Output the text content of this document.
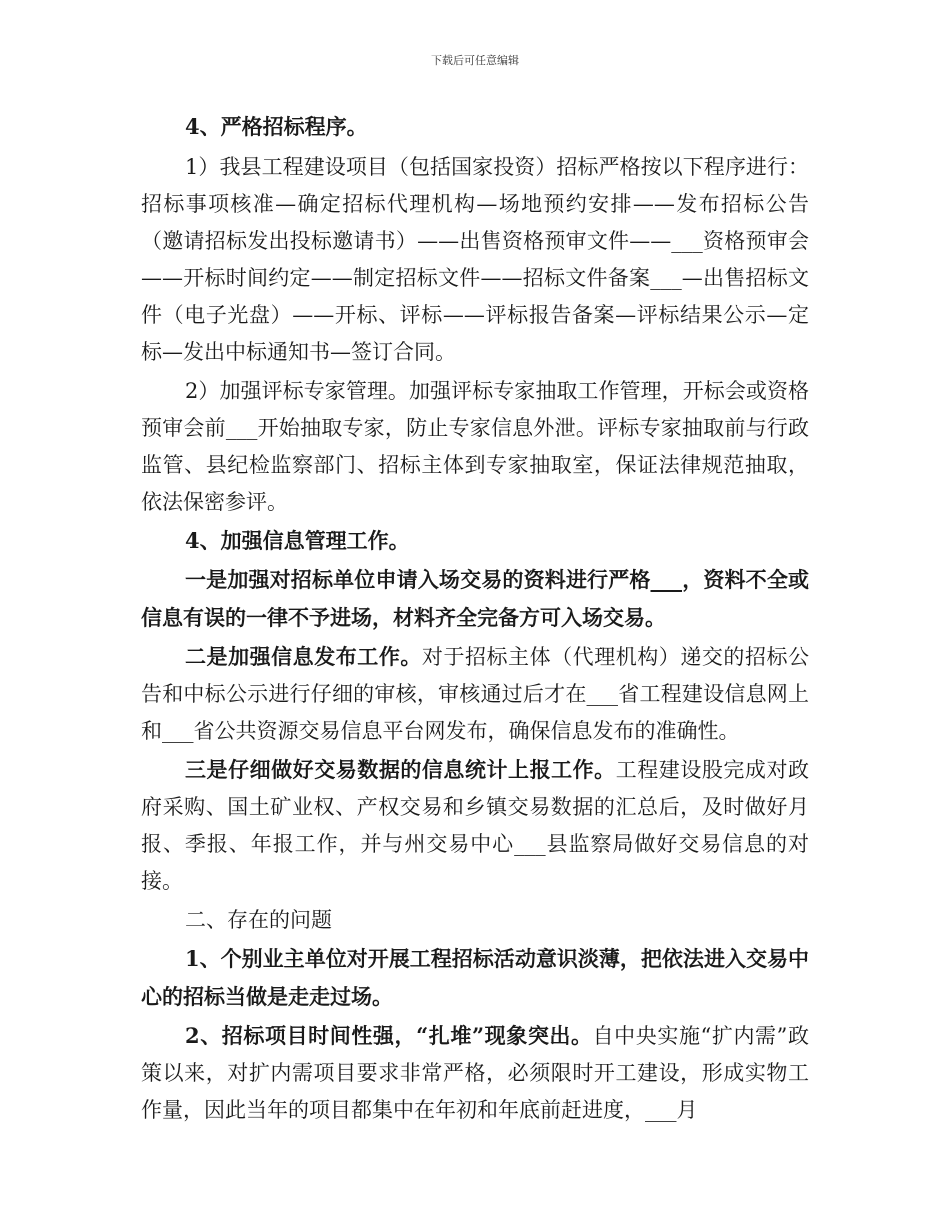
下载后可任意编辑

4、严格招标程序。

1）我县工程建设项目（包括国家投资）招标严格按以下程序进行：招标事项核准—确定招标代理机构—场地预约安排——发布招标公告（邀请招标发出投标邀请书）——出售资格预审文件——___资格预审会——开标时间约定——制定招标文件——招标文件备案___—出售招标文件（电子光盘）——开标、评标——评标报告备案—评标结果公示—定标—发出中标通知书—签订合同。

2）加强评标专家管理。加强评标专家抽取工作管理，开标会或资格预审会前___开始抽取专家，防止专家信息外泄。评标专家抽取前与行政监管、县纪检监察部门、招标主体到专家抽取室，保证法律规范抽取，依法保密参评。

4、加强信息管理工作。

一是加强对招标单位申请入场交易的资料进行严格___，资料不全或信息有误的一律不予进场，材料齐全完备方可入场交易。

二是加强信息发布工作。对于招标主体（代理机构）递交的招标公告和中标公示进行仔细的审核，审核通过后才在___省工程建设信息网上和___省公共资源交易信息平台网发布，确保信息发布的准确性。

三是仔细做好交易数据的信息统计上报工作。工程建设股完成对政府采购、国土矿业权、产权交易和乡镇交易数据的汇总后，及时做好月报、季报、年报工作，并与州交易中心___县监察局做好交易信息的对接。

二、存在的问题

1、个别业主单位对开展工程招标活动意识淡薄，把依法进入交易中心的招标当做是走走过场。

2、招标项目时间性强，“扎堆”现象突出。自中央实施“扩内需”政策以来，对扩内需项目要求非常严格，必须限时开工建设，形成实物工作量，因此当年的项目都集中在年初和年底前赶进度，___月
